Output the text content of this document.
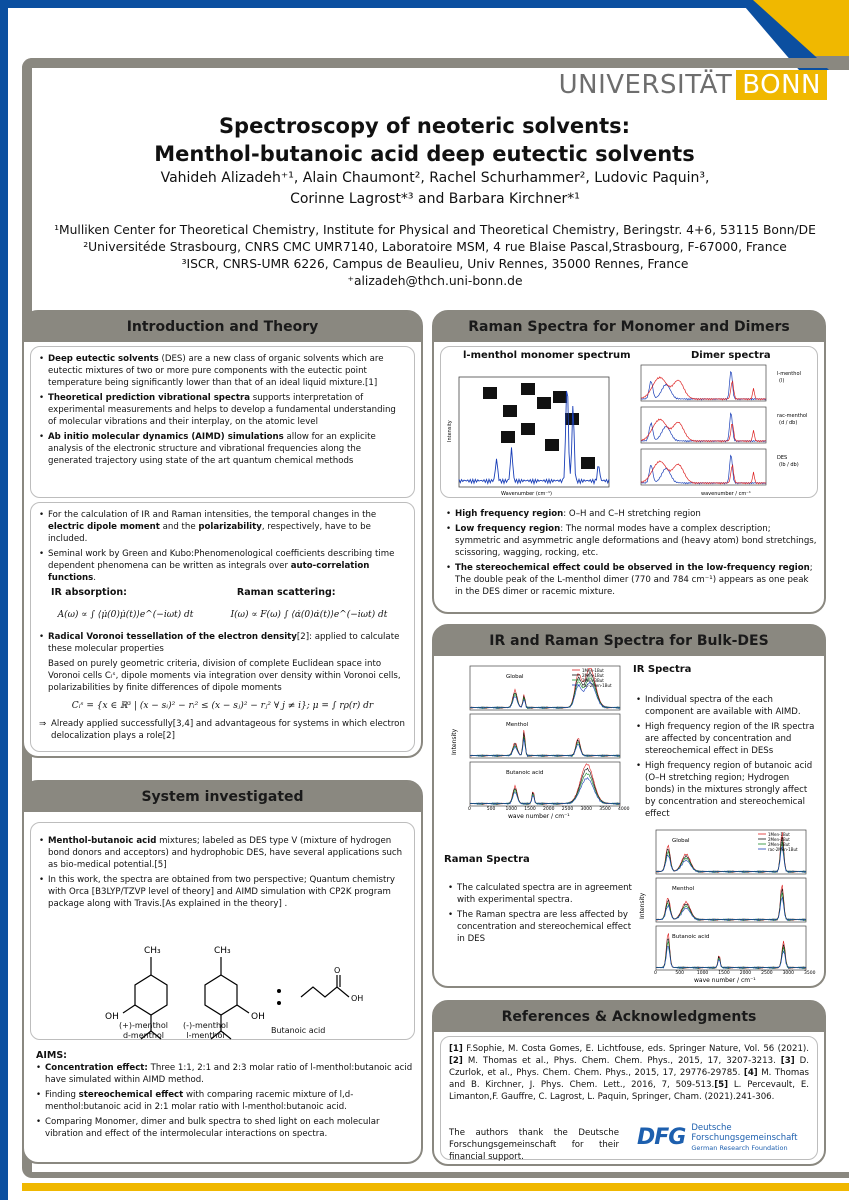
UNIVERSITÄT BONN
Spectroscopy of neoteric solvents:
Menthol-butanoic acid deep eutectic solvents
Vahideh Alizadeh⁺¹, Alain Chaumont², Rachel Schurhammer², Ludovic Paquin³,
Corinne Lagrost*³ and Barbara Kirchner*¹
¹Mulliken Center for Theoretical Chemistry, Institute for Physical and Theoretical Chemistry, Beringstr. 4+6, 53115 Bonn/DE
²Universitéde Strasbourg, CNRS CMC UMR7140, Laboratoire MSM, 4 rue Blaise Pascal,Strasbourg, F-67000, France
³ISCR, CNRS-UMR 6226, Campus de Beaulieu, Univ Rennes, 35000 Rennes, France
⁺alizadeh@thch.uni-bonn.de
Introduction and Theory
• Deep eutectic solvents (DES) are a new class of organic solvents which are eutectic mixtures of two or more pure components with the eutectic point temperature being significantly lower than that of an ideal liquid mixture.[1]
• Theoretical prediction vibrational spectra supports interpretation of experimental measurements and helps to develop a fundamental understanding of molecular vibrations and their interplay, on the atomic level
• Ab initio molecular dynamics (AIMD) simulations allow for an explicite analysis of the electronic structure and vibrational frequencies along the generated trajectory using state of the art quantum chemical methods
• For the calculation of IR and Raman intensities, the temporal changes in the electric dipole moment and the polarizability, respectively, have to be included.
• Seminal work by Green and Kubo:Phenomenological coefficients describing time dependent phenomena can be written as integrals over auto-correlation functions.
IR absorption:	Raman scattering:
A(ω) ∝ ∫ ⟨μ̇(0)μ̇(t)⟩e^(−iωt) dt	I(ω) ∝ F(ω) ∫ ⟨α̇(0)α̇(t)⟩e^(−iωt) dt
• Radical Voronoi tessellation of the electron density[2]: applied to calculate these molecular properties
Based on purely geometric criteria, division of complete Euclidean space into Voronoi cells Cᵢˢ, dipole moments via integration over density within Voronoi cells, polarizabilities by finite differences of dipole moments
Cᵢˢ = {x ∈ ℝ³ | (x − sᵢ)² − rᵢ² ≤ (x − sⱼ)² − rⱼ² ∀ j ≠ i}; μ = ∫ rρ(r) dr
⇒ Already applied successfully[3,4] and advantageous for systems in which electron delocalization plays a role[2]
System investigated
• Menthol-butanoic acid mixtures; labeled as DES type V (mixture of hydrogen bond donors and acceptors) and hydrophobic DES, have several applications such as bio-medical potential.[5]
• In this work, the spectra are obtained from two perspective; Quantum chemistry with Orca [B3LYP/TZVP level of theory] and AIMD simulation with CP2K program package along with Travis.[As explained in the theory] .
CH₃
OH
CH₃
OH
O
OH
(+)-menthol
d-menthol
(-)-menthol
l-menthol
Butanoic acid
AIMS:
• Concentration effect: Three 1:1, 2:1 and 2:3 molar ratio of l-menthol:butanoic acid have simulated within AIMD method.
• Finding stereochemical effect with comparing racemic mixture of l,d-menthol:butanoic acid in 2:1 molar ratio with l-menthol:butanoic acid.
• Comparing Monomer, dimer and bulk spectra to shed light on each molecular vibration and effect of the intermolecular interactions on spectra.
Raman Spectra for Monomer and Dimers
l-menthol monomer spectrum	Dimer spectra
Wavenumber (cm⁻¹)
Intensity
l-menthol
(l)
rac-menthol
(d / db)
DES
(lb / db)
wavenumber / cm⁻¹
• High frequency region: O–H and C–H stretching region
• Low frequency region: The normal modes have a complex description; symmetric and asymmetric angle deformations and (heavy atom) bond stretchings, scissoring, wagging, rocking, etc.
• The stereochemical effect could be observed in the low-frequency region; The double peak of the L-menthol dimer (770 and 784 cm⁻¹) appears as one peak in the DES dimer or racemic mixture.
IR and Raman Spectra for Bulk-DES
Global
Menthol
Butanoic acid
1Men-1But
2Men-1But
2Men-3But
rac-2Men-1But
0	500 1000 1500 2000 2500 3000 3500 4000
wave number / cm⁻¹
Intensity
IR Spectra
• Individual spectra of the each component are available with AIMD.
• High frequency region of the IR spectra are affected by concentration and stereochemical effect in DESs
• High frequency region of butanoic acid (O–H stretching region; Hydrogen bonds) in the mixtures strongly affect by concentration and stereochemical effect
Raman Spectra
• The calculated spectra are in agreement with experimental spectra.
• The Raman spectra are less affected by concentration and stereochemical effect in DES
Global
Menthol
Butanoic acid
1Men-1But
2Men-1But
2Men-3But
rac-2Men-1But
0	500	1000 1500 2000 2500 3000 3500
wave number / cm⁻¹
Intensity
References & Acknowledgments
[1] F.Sophie, M. Costa Gomes, E. Lichtfouse, eds. Springer Nature, Vol. 56 (2021). [2] M. Thomas et al., Phys. Chem. Chem. Phys., 2015, 17, 3207-3213. [3] D. Czurlok, et al., Phys. Chem. Chem. Phys., 2015, 17, 29776-29785. [4] M. Thomas and B. Kirchner, J. Phys. Chem. Lett., 2016, 7, 509-513.[5] L. Percevault, E. Limanton,F. Gauffre, C. Lagrost, L. Paquin, Springer, Cham. (2021).241-306.
The authors thank the Deutsche Forschungsgemeinschaft for their financial support.
DFG Deutsche
Forschungsgemeinschaft
German Research Foundation
